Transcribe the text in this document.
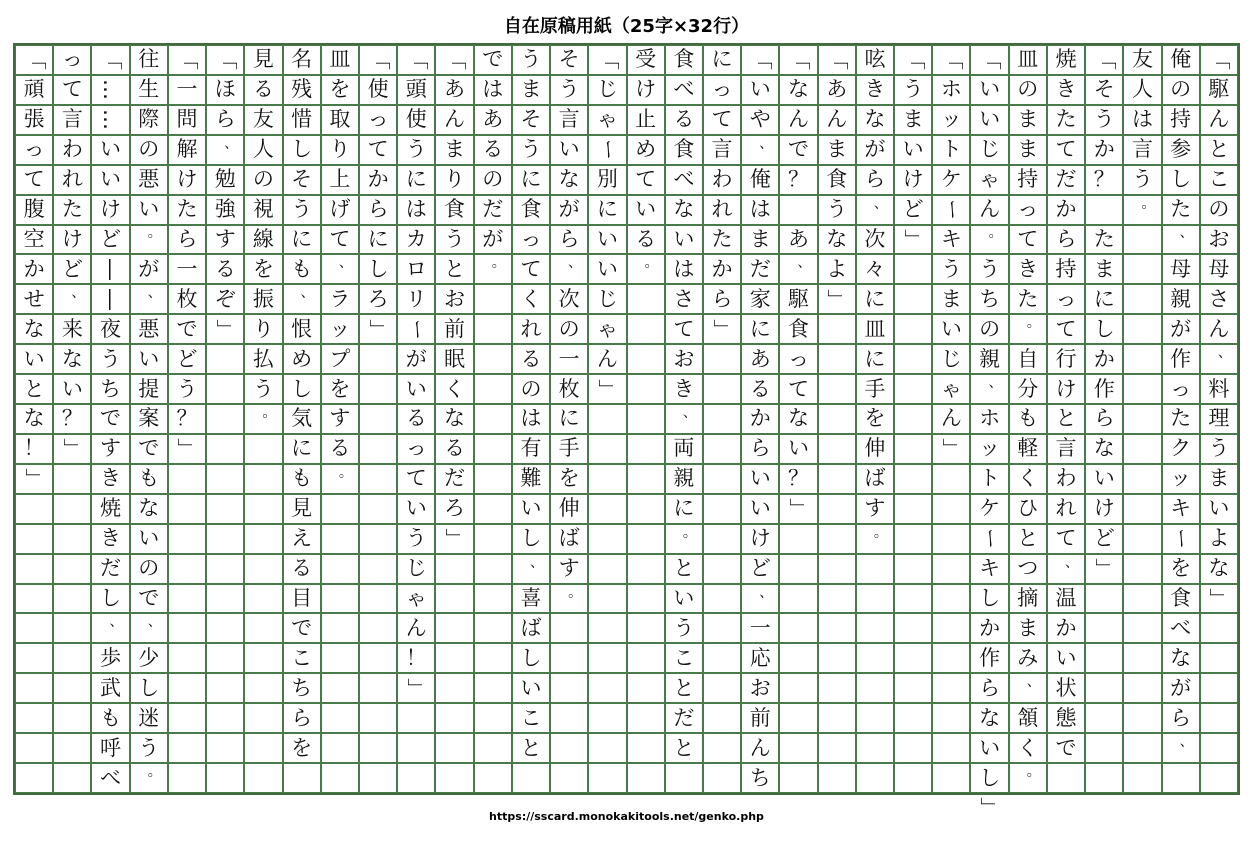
自在原稿用紙（25字×32行）
「
駆
ん
と
こ
の
お
母
さ
ん
、
料
理
う
ま
い
よ
な
」
俺
の
持
参
し
た
、
母
親
が
作
っ
た
ク
ッ
キ
ー
を
食
べ
な
が
ら
、
友
人
は
言
う
。
「
そ
う
か
？
た
ま
に
し
か
作
ら
な
い
け
ど
」
焼
き
た
て
だ
か
ら
持
っ
て
行
け
と
言
わ
れ
て
、
温
か
い
状
態
で
皿
の
ま
ま
持
っ
て
き
た
。
自
分
も
軽
く
ひ
と
つ
摘
ま
み
、
頷
く
。
「
い
い
じ
ゃ
ん
。
う
ち
の
親
、
ホ
ッ
ト
ケ
ー
キ
し
か
作
ら
な
い
し
」
「
ホ
ッ
ト
ケ
ー
キ
う
ま
い
じ
ゃ
ん
」
「
う
ま
い
け
ど
」
呟
き
な
が
ら
、
次
々
に
皿
に
手
を
伸
ば
す
。
「
あ
ん
ま
食
う
な
よ
」
「
な
ん
で
？
あ
、
駆
食
っ
て
な
い
？
」
「
い
や
、
俺
は
ま
だ
家
に
あ
る
か
ら
い
い
け
ど
、
一
応
お
前
ん
ち
に
っ
て
言
わ
れ
た
か
ら
」
食
べ
る
食
べ
な
い
は
さ
て
お
き
、
両
親
に
。
と
い
う
こ
と
だ
と
受
け
止
め
て
い
る
。
「
じ
ゃ
ー
別
に
い
い
じ
ゃ
ん
」
そ
う
言
い
な
が
ら
、
次
の
一
枚
に
手
を
伸
ば
す
。
う
ま
そ
う
に
食
っ
て
く
れ
る
の
は
有
難
い
し
、
喜
ば
し
い
こ
と
で
は
あ
る
の
だ
が
。
「
あ
ん
ま
り
食
う
と
お
前
眠
く
な
る
だ
ろ
」
「
頭
使
う
に
は
カ
ロ
リ
ー
が
い
る
っ
て
い
う
じ
ゃ
ん
！
」
「
使
っ
て
か
ら
に
し
ろ
」
皿
を
取
り
上
げ
て
、
ラ
ッ
プ
を
す
る
。
名
残
惜
し
そ
う
に
も
、
恨
め
し
気
に
も
見
え
る
目
で
こ
ち
ら
を
見
る
友
人
の
視
線
を
振
り
払
う
。
「
ほ
ら
、
勉
強
す
る
ぞ
」
「
一
問
解
け
た
ら
一
枚
で
ど
う
？
」
往
生
際
の
悪
い
。
が
、
悪
い
提
案
で
も
な
い
の
で
、
少
し
迷
う
。
「
…
…
い
い
け
ど
―
―
夜
う
ち
で
す
き
焼
き
だ
し
、
歩
武
も
呼
べ
っ
て
言
わ
れ
た
け
ど
、
来
な
い
？
」
「
頑
張
っ
て
腹
空
か
せ
な
い
と
な
！
」
https://sscard.monokakitools.net/genko.php
